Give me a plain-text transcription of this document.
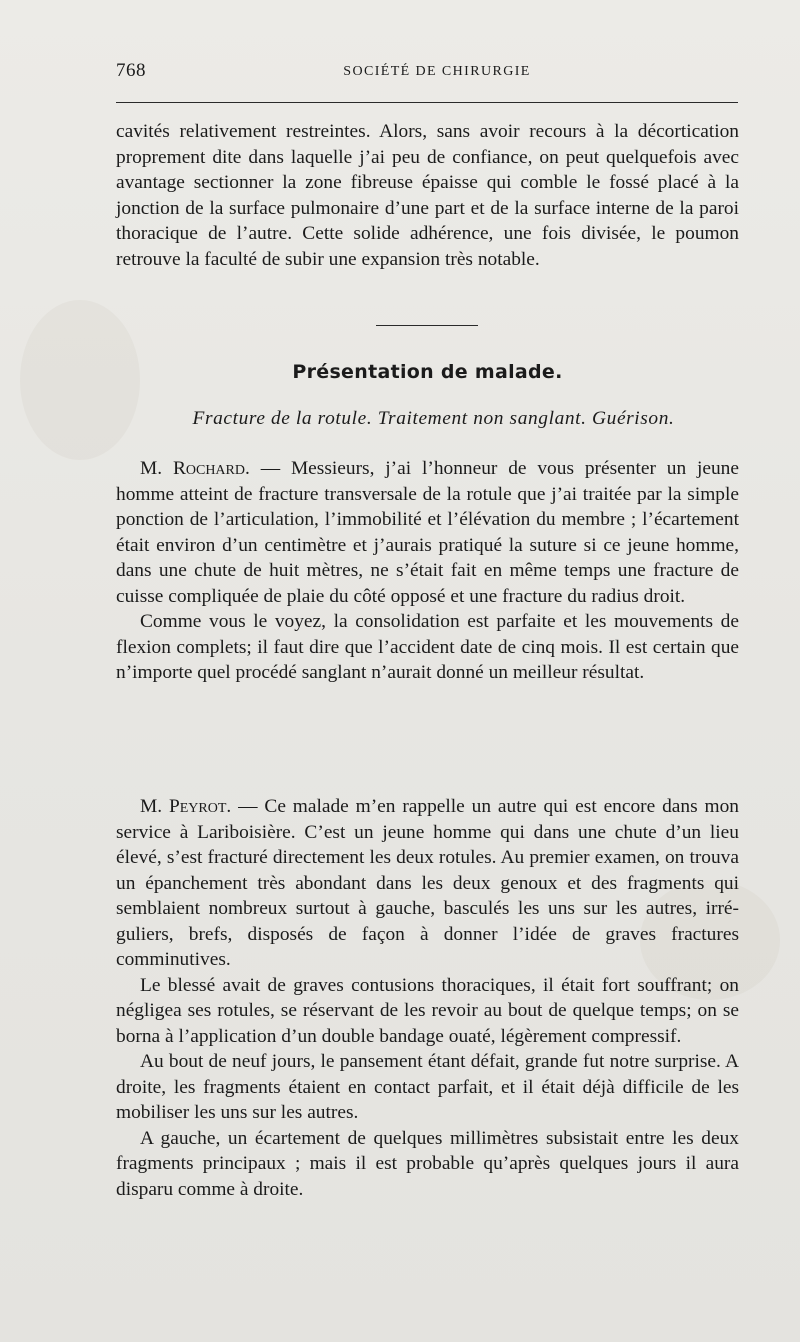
768	SOCIÉTÉ DE CHIRURGIE

cavités relativement restreintes. Alors, sans avoir recours à la décortication proprement dite dans laquelle j’ai peu de confiance, on peut quelquefois avec avantage sectionner la zone fibreuse épaisse qui comble le fossé placé à la jonction de la surface pulmonaire d’une part et de la surface interne de la paroi thoracique de l’autre. Cette solide adhérence, une fois divisée, le poumon retrouve la faculté de subir une expansion très notable.

Présentation de malade.
Fracture de la rotule. Traitement non sanglant. Guérison.

M. Rochard. — Messieurs, j’ai l’honneur de vous présenter un jeune homme atteint de fracture transversale de la rotule que j’ai traitée par la simple ponction de l’articulation, l’immobilité et l’élévation du membre ; l’écartement était environ d’un centimètre et j’aurais pratiqué la suture si ce jeune homme, dans une chute de huit mètres, ne s’était fait en même temps une fracture de cuisse compliquée de plaie du côté opposé et une fracture du radius droit.

Comme vous le voyez, la consolidation est parfaite et les mouvements de flexion complets; il faut dire que l’accident date de cinq mois. Il est certain que n’importe quel procédé sanglant n’aurait donné un meilleur résultat.

M. Peyrot. — Ce malade m’en rappelle un autre qui est encore dans mon service à Lariboisière. C’est un jeune homme qui dans une chute d’un lieu élevé, s’est fracturé directement les deux rotules. Au premier examen, on trouva un épanchement très abondant dans les deux genoux et des fragments qui semblaient nombreux surtout à gauche, basculés les uns sur les autres, irréguliers, brefs, disposés de façon à donner l’idée de graves fractures comminutives.

Le blessé avait de graves contusions thoraciques, il était fort souffrant; on négligea ses rotules, se réservant de les revoir au bout de quelque temps; on se borna à l’application d’un double bandage ouaté, légèrement compressif.

Au bout de neuf jours, le pansement étant défait, grande fut notre surprise. A droite, les fragments étaient en contact parfait, et il était déjà difficile de les mobiliser les uns sur les autres.

A gauche, un écartement de quelques millimètres subsistait entre les deux fragments principaux ; mais il est probable qu’après quelques jours il aura disparu comme à droite.
